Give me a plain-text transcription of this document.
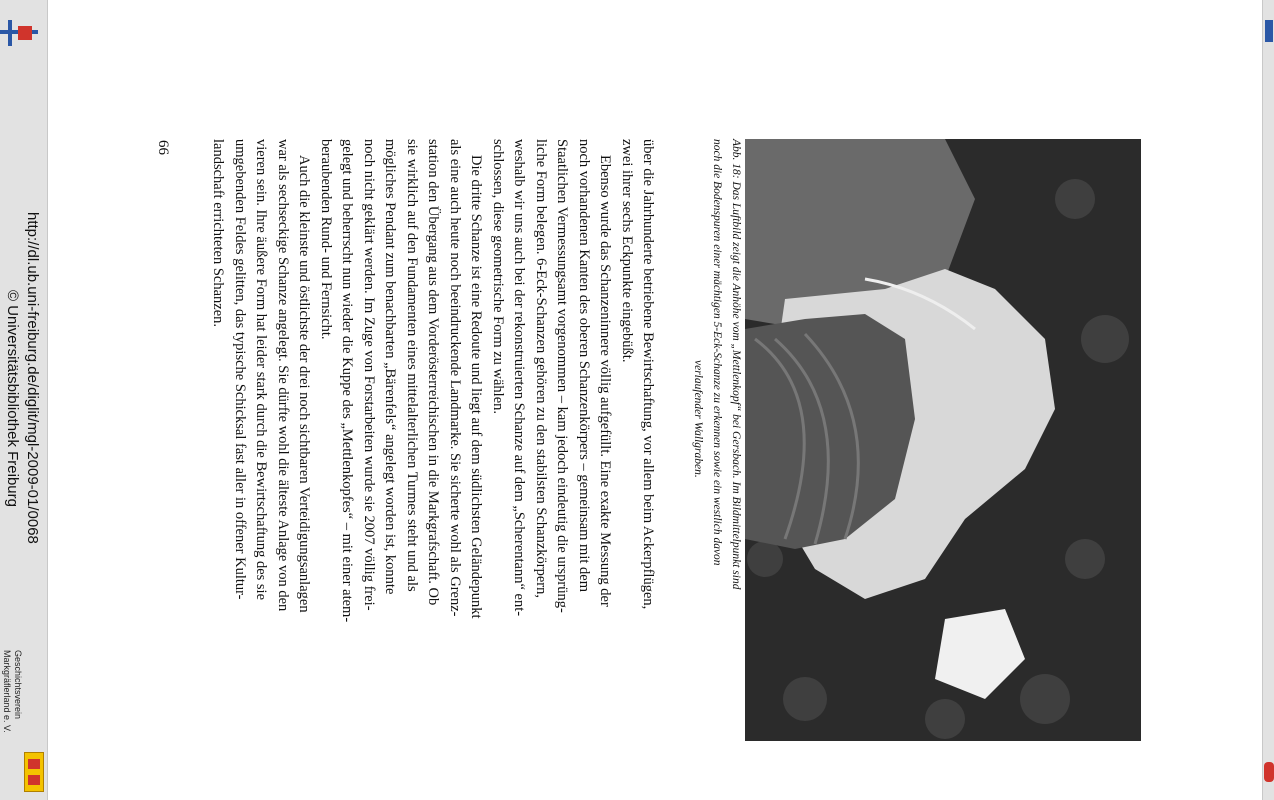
Abb. 18: Das Luftbild zeigt die Anhöhe vom „Mettlenkopf“ bei Gersbach. Im Bildmittelpunkt sind
noch die Bodenspuren einer mächtigen 5-Eck-Schanze zu erkennen sowie ein westlich davon
verlaufender Wallgraben.
über die Jahrhunderte betriebene Bewirtschaftung, vor allem beim Ackerpflügen,
zwei ihrer sechs Eckpunkte eingebüßt.
Ebenso wurde das Schanzeninnere völlig aufgefüllt. Eine exakte Messung der
noch vorhandenen Kanten des oberen Schanzenkörpers – gemeinsam mit dem
Staatlichen Vermessungsamt vorgenommen – kam jedoch eindeutig die ursprüng-
liche Form belegen. 6-Eck-Schanzen gehören zu den stabilsten Schanzkörpern,
weshalb wir uns auch bei der rekonstruierten Schanze auf dem „Scherentann“ ent-
schlossen, diese geometrische Form zu wählen.
Die dritte Schanze ist eine Redoute und liegt auf dem südlichsten Geländepunkt
als eine auch heute noch beeindruckende Landmarke. Sie sicherte wohl als Grenz-
station den Übergang aus dem Vorderösterreichischen in die Markgrafschaft. Ob
sie wirklich auf den Fundamenten eines mittelalterlichen Turmes steht und als
mögliches Pendant zum benachbarten „Bärenfels“ angelegt worden ist, konnte
noch nicht geklärt werden. Im Zuge von Forstarbeiten wurde sie 2007 völlig frei-
gelegt und beherrscht nun wieder die Kuppe des „Mettlenkopfes“ – mit einer atem-
beraubenden Rund- und Fernsicht.
Auch die kleinste und östlichste der drei noch sichtbaren Verteidigungsanlagen
war als sechseckige Schanze angelegt. Sie dürfte wohl die älteste Anlage von den
vieren sein. Ihre äußere Form hat leider stark durch die Bewirtschaftung des sie
umgebenden Feldes gelitten, das typische Schicksal fast aller in offener Kultur-
landschaft errichteten Schanzen.
66
http://dl.ub.uni-freiburg.de/diglit/mgl-2009-01/0068
© Universitätsbibliothek Freiburg
Geschichtsverein
Markgräflerland e. V.
